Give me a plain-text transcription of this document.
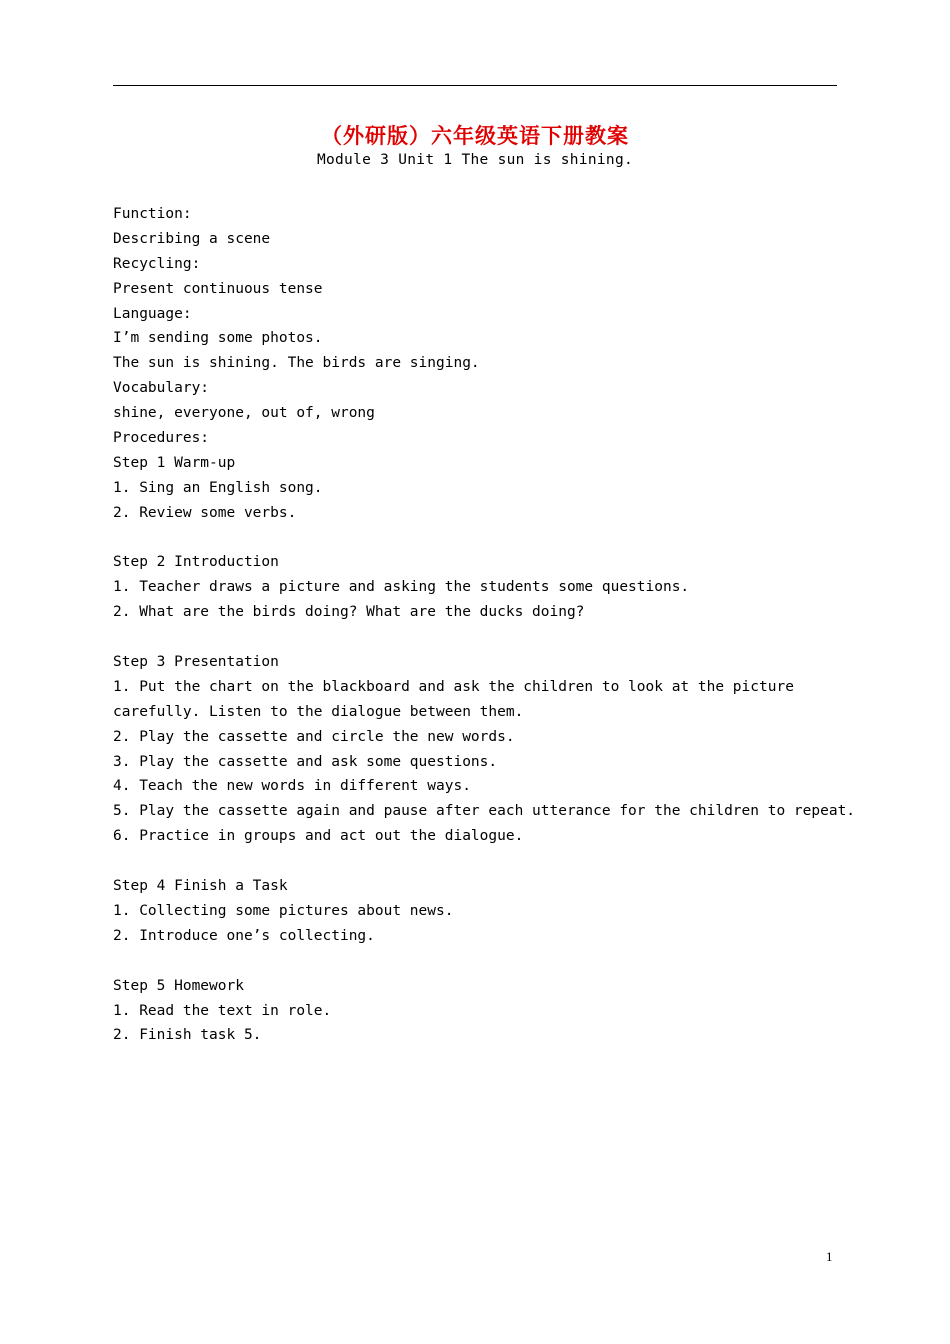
（外研版）六年级英语下册教案
Module 3 Unit 1 The sun is shining.
Function:
Describing a scene
Recycling:
Present continuous tense
Language:
I’m sending some photos.
The sun is shining. The birds are singing.
Vocabulary:
shine, everyone, out of, wrong
Procedures:
Step 1 Warm-up
1. Sing an English song.
2. Review some verbs.
Step 2 Introduction
1. Teacher draws a picture and asking the students some questions.
2. What are the birds doing? What are the ducks doing?
Step 3 Presentation
1. Put the chart on the blackboard and ask the children to look at the picture
carefully. Listen to the dialogue between them.
2. Play the cassette and circle the new words.
3. Play the cassette and ask some questions.
4. Teach the new words in different ways.
5. Play the cassette again and pause after each utterance for the children to repeat.
6. Practice in groups and act out the dialogue.
Step 4 Finish a Task
1. Collecting some pictures about news.
2. Introduce one’s collecting.
Step 5 Homework
1. Read the text in role.
2. Finish task 5.
1
